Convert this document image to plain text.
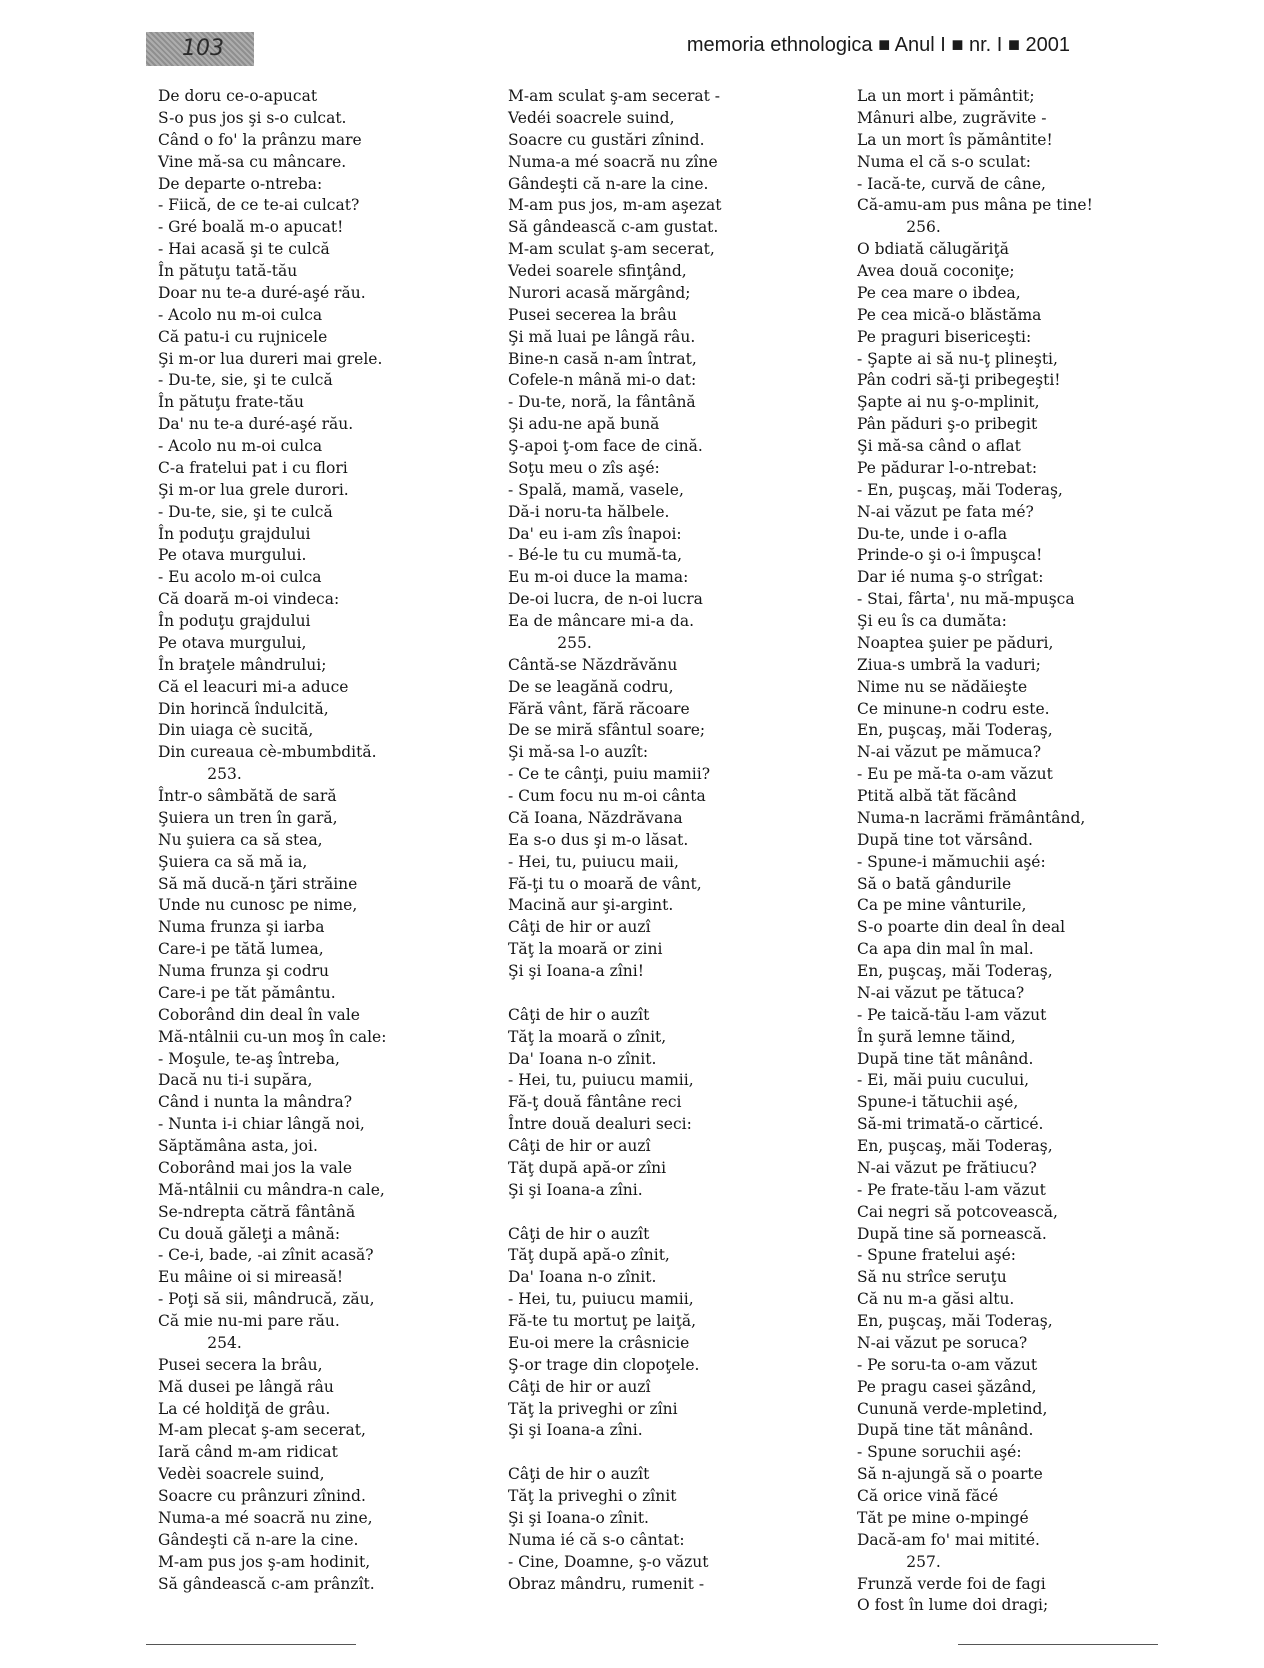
103	memoria ethnologica ■ Anul I ■ nr. I ■ 2001
De doru ce-o-apucat
S-o pus jos şi s-o culcat.
Când o fo' la prânzu mare
Vine mă-sa cu mâncare.
De departe o-ntreba:
- Fiică, de ce te-ai culcat?
- Gré boală m-o apucat!
- Hai acasă şi te culcă
În pătuţu tată-tău
Doar nu te-a duré-aşé rău.
- Acolo nu m-oi culca
Că patu-i cu rujnicele
Şi m-or lua dureri mai grele.
- Du-te, sie, şi te culcă
În pătuţu frate-tău
Da' nu te-a duré-aşé rău.
- Acolo nu m-oi culca
C-a fratelui pat i cu flori
Şi m-or lua grele durori.
- Du-te, sie, şi te culcă
În poduţu grajdului
Pe otava murgului.
- Eu acolo m-oi culca
Că doară m-oi vindeca:
În poduţu grajdului
Pe otava murgului,
În braţele mândrului;
Că el leacuri mi-a aduce
Din horincă îndulcită,
Din uiaga cè sucită,
Din cureaua cè-mbumbdită.
253.
Într-o sâmbătă de sară
Şuiera un tren în gară,
Nu şuiera ca să stea,
Şuiera ca să mă ia,
Să mă ducă-n ţări străine
Unde nu cunosc pe nime,
Numa frunza şi iarba
Care-i pe tătă lumea,
Numa frunza şi codru
Care-i pe tăt pământu.
Coborând din deal în vale
Mă-ntâlnii cu-un moş în cale:
- Moşule, te-aş întreba,
Dacă nu ti-i supăra,
Când i nunta la mândra?
- Nunta i-i chiar lângă noi,
Săptămâna asta, joi.
Coborând mai jos la vale
Mă-ntâlnii cu mândra-n cale,
Se-ndrepta cătră fântână
Cu două găleţi a mână:
- Ce-i, bade, -ai zînit acasă?
Eu mâine oi si mireasă!
- Poţi să sii, mândrucă, zău,
Că mie nu-mi pare rău.
254.
Pusei secera la brâu,
Mă dusei pe lângă râu
La cé holdiţă de grâu.
M-am plecat ş-am secerat,
Iară când m-am ridicat
Vedèi soacrele suind,
Soacre cu prânzuri zînind.
Numa-a mé soacră nu zine,
Gândeşti că n-are la cine.
M-am pus jos ş-am hodinit,
Să gândească c-am prânzît.
M-am sculat ş-am secerat -
Vedéi soacrele suind,
Soacre cu gustări zînind.
Numa-a mé soacră nu zîne
Gândeşti că n-are la cine.
M-am pus jos, m-am aşezat
Să gândească c-am gustat.
M-am sculat ş-am secerat,
Vedei soarele sfinţând,
Nurori acasă mărgând;
Pusei secerea la brâu
Şi mă luai pe lângă râu.
Bine-n casă n-am întrat,
Cofele-n mână mi-o dat:
- Du-te, noră, la fântână
Şi adu-ne apă bună
Ş-apoi ţ-om face de cină.
Soţu meu o zîs aşé:
- Spală, mamă, vasele,
Dă-i noru-ta hălbele.
Da' eu i-am zîs înapoi:
- Bé-le tu cu mumă-ta,
Eu m-oi duce la mama:
De-oi lucra, de n-oi lucra
Ea de mâncare mi-a da.
255.
Cântă-se Năzdrăvănu
De se leagănă codru,
Fără vânt, fără răcoare
De se miră sfântul soare;
Şi mă-sa l-o auzît:
- Ce te cânţi, puiu mamii?
- Cum focu nu m-oi cânta
Că Ioana, Năzdrăvana
Ea s-o dus şi m-o lăsat.
- Hei, tu, puiucu maii,
Fă-ţi tu o moară de vânt,
Macină aur şi-argint.
Câţi de hir or auzî
Tăţ la moară or zini
Şi şi Ioana-a zîni!
Câţi de hir o auzît
Tăţ la moară o zînit,
Da' Ioana n-o zînit.
- Hei, tu, puiucu mamii,
Fă-ţ două fântâne reci
Între două dealuri seci:
Câţi de hir or auzî
Tăţ după apă-or zîni
Şi şi Ioana-a zîni.
Câţi de hir o auzît
Tăţ după apă-o zînit,
Da' Ioana n-o zînit.
- Hei, tu, puiucu mamii,
Fă-te tu mortuţ pe laiţă,
Eu-oi mere la crâsnicie
Ş-or trage din clopoţele.
Câţi de hir or auzî
Tăţ la priveghi or zîni
Şi şi Ioana-a zîni.
Câţi de hir o auzît
Tăţ la priveghi o zînit
Şi şi Ioana-o zînit.
Numa ié că s-o cântat:
- Cine, Doamne, ş-o văzut
Obraz mândru, rumenit -
La un mort i pământit;
Mânuri albe, zugrăvite -
La un mort îs pământite!
Numa el că s-o sculat:
- Iacă-te, curvă de câne,
Că-amu-am pus mâna pe tine!
256.
O bdiată călugăriţă
Avea două coconiţe;
Pe cea mare o ibdea,
Pe cea mică-o blăstăma
Pe praguri bisericeşti:
- Şapte ai să nu-ţ plineşti,
Pân codri să-ţi pribegeşti!
Şapte ai nu ş-o-mplinit,
Pân păduri ş-o pribegit
Şi mă-sa când o aflat
Pe pădurar l-o-ntrebat:
- En, puşcaş, măi Toderaş,
N-ai văzut pe fata mé?
Du-te, unde i o-afla
Prinde-o şi o-i împuşca!
Dar ié numa ş-o strîgat:
- Stai, fârta', nu mă-mpuşca
Şi eu îs ca dumăta:
Noaptea şuier pe păduri,
Ziua-s umbră la vaduri;
Nime nu se nădăieşte
Ce minune-n codru este.
En, puşcaş, măi Toderaş,
N-ai văzut pe mămuca?
- Eu pe mă-ta o-am văzut
Ptită albă tăt făcând
Numa-n lacrămi frământând,
După tine tot vărsând.
- Spune-i mămuchii aşé:
Să o bată gândurile
Ca pe mine vânturile,
S-o poarte din deal în deal
Ca apa din mal în mal.
En, puşcaş, măi Toderaş,
N-ai văzut pe tătuca?
- Pe taică-tău l-am văzut
În şură lemne tăind,
După tine tăt mânând.
- Ei, măi puiu cucului,
Spune-i tătuchii aşé,
Să-mi trimată-o cărticé.
En, puşcaş, măi Toderaş,
N-ai văzut pe frătiucu?
- Pe frate-tău l-am văzut
Cai negri să potcovească,
După tine să pornească.
- Spune fratelui aşé:
Să nu strîce seruţu
Că nu m-a găsi altu.
En, puşcaş, măi Toderaş,
N-ai văzut pe soruca?
- Pe soru-ta o-am văzut
Pe pragu casei şăzând,
Cunună verde-mpletind,
După tine tăt mânând.
- Spune soruchii aşé:
Să n-ajungă să o poarte
Că orice vină făcé
Tăt pe mine o-mpingé
Dacă-am fo' mai mitité.
257.
Frunză verde foi de fagi
O fost în lume doi dragi;
